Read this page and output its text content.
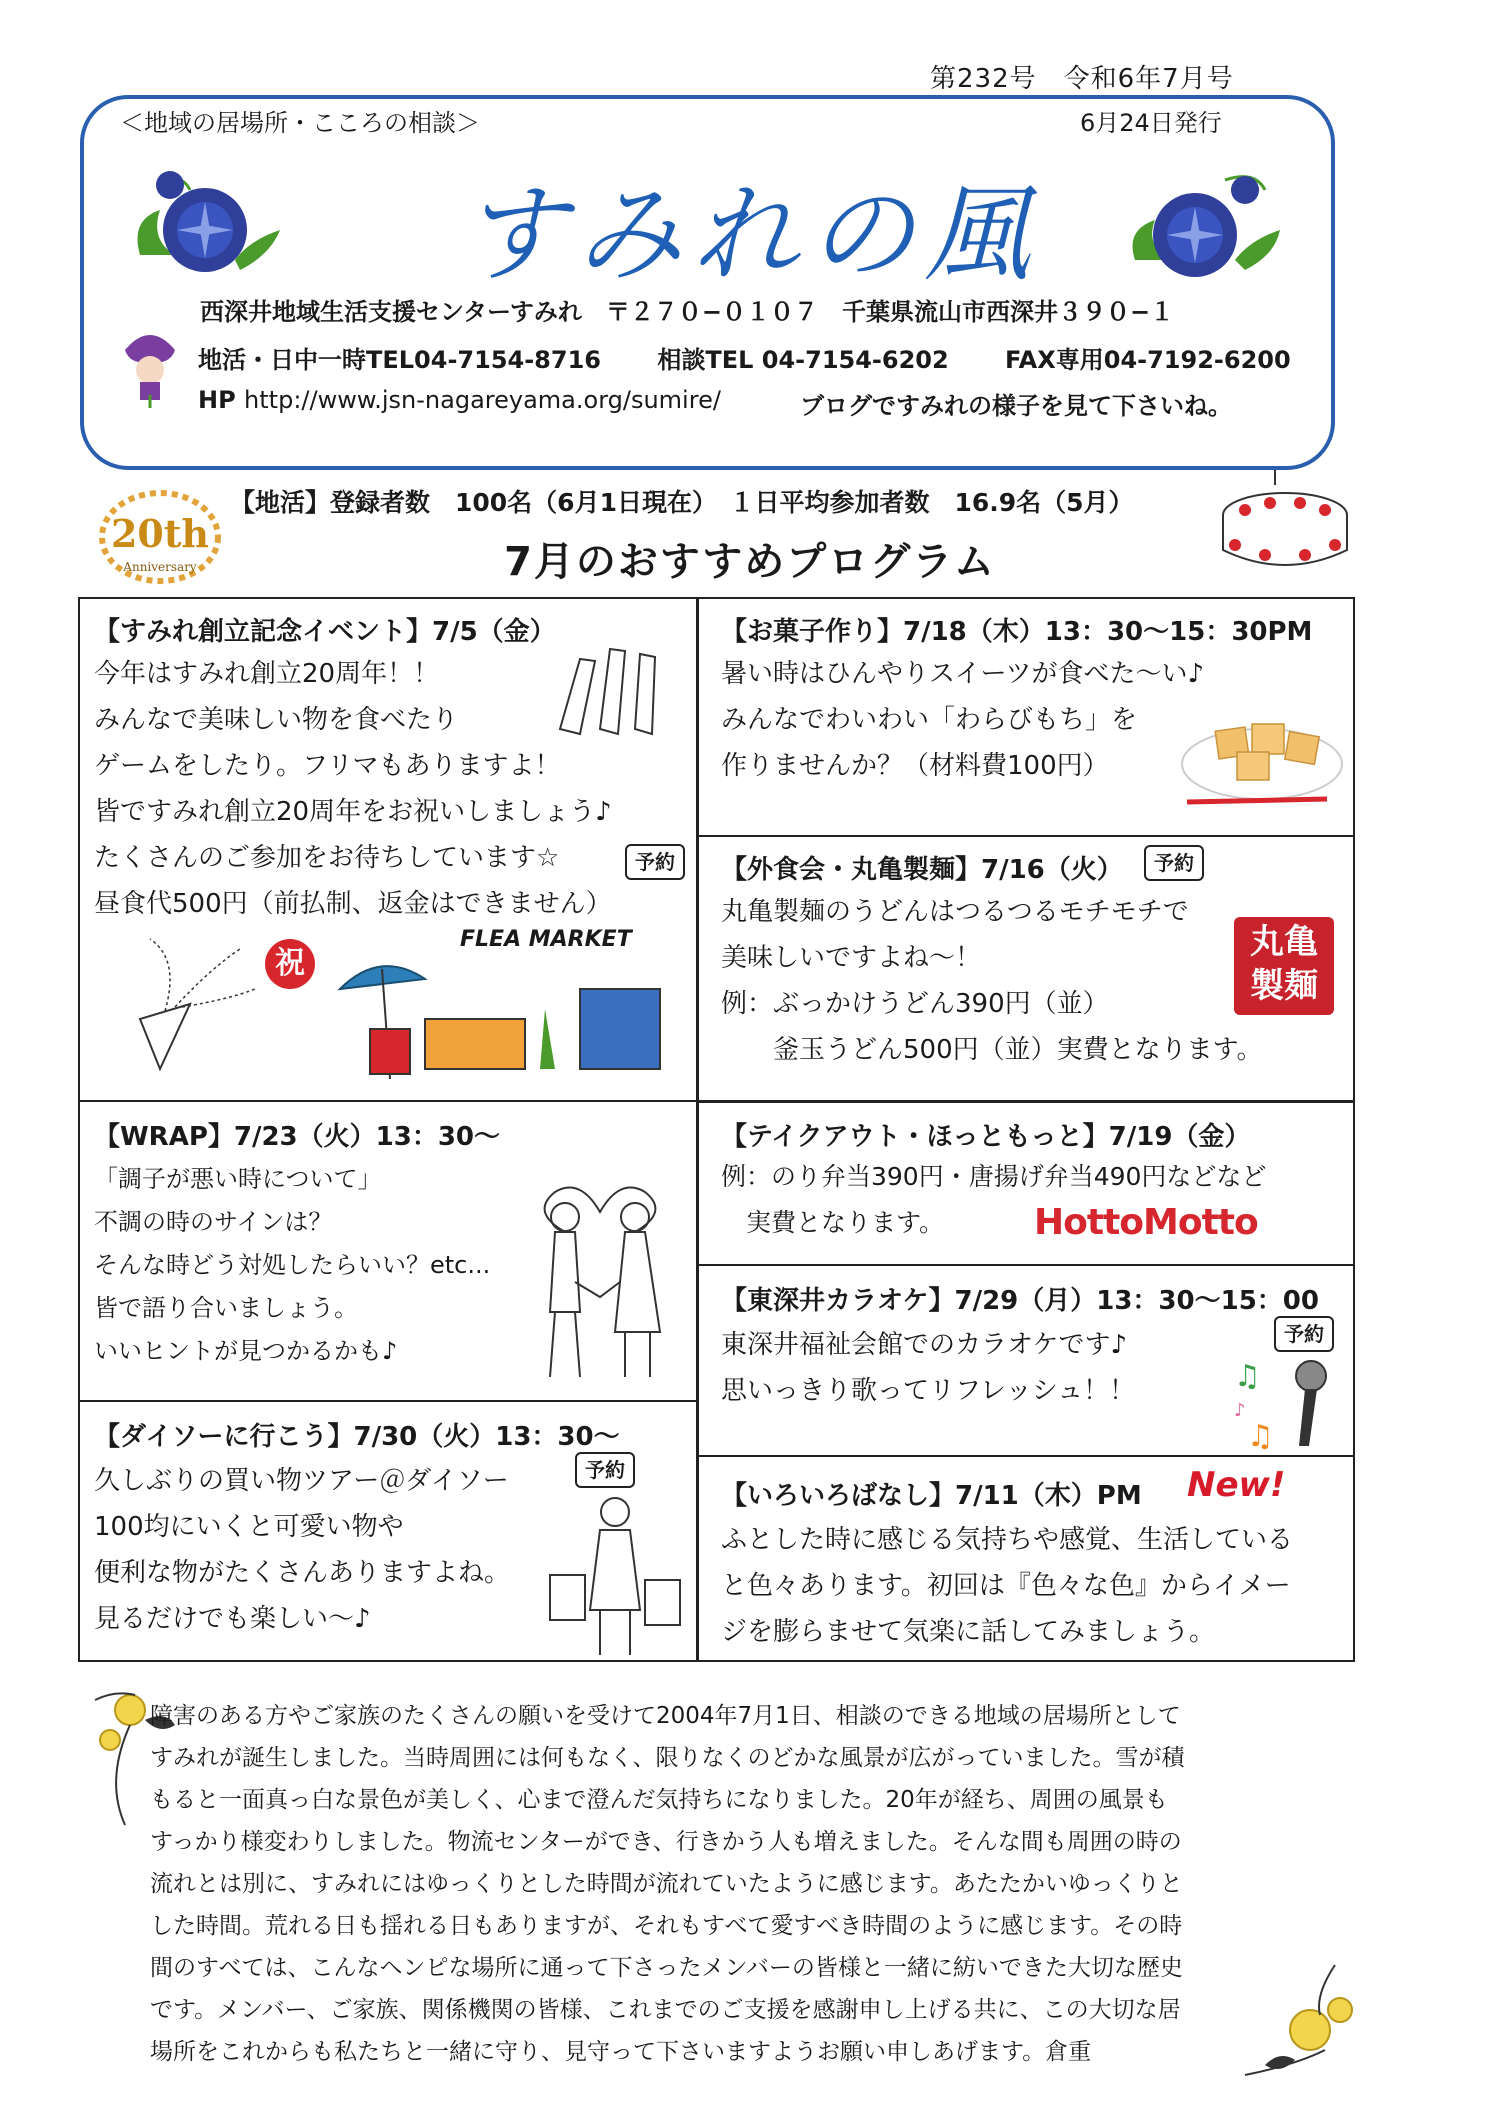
第232号　令和6年7月号
＜地域の居場所・こころの相談＞	6月24日発行
すみれの風
西深井地域生活支援センターすみれ　〒２７０−０１０７　千葉県流山市西深井３９０−１
地活・日中一時TEL04-7154-8716　　 相談TEL 04-7154-6202　　 FAX専用04-7192-6200
HP http://www.jsn-nagareyama.org/sumire/	ブログですみれの様子を見て下さいね。
20th
Anniversary
【地活】登録者数　100名（6月1日現在）　１日平均参加者数　16.9名（5月）
7月のおすすめプログラム
【すみれ創立記念イベント】7/5（金）

今年はすみれ創立20周年！！

みんなで美味しい物を食べたり

ゲームをしたり。フリマもありますよ！

皆ですみれ創立20周年をお祝いしましょう♪

たくさんのご参加をお待ちしています☆

昼食代500円（前払制、返金はできません）

予約
祝
FLEA MARKET
【お菓子作り】7/18（木）13：30〜15：30PM

暑い時はひんやりスイーツが食べた〜い♪

みんなでわいわい「わらびもち」を

作りませんか？（材料費100円）

【外食会・丸亀製麺】7/16（火）	予約

丸亀製麺のうどんはつるつるモチモチで

美味しいですよね〜！

例：ぶっかけうどん390円（並）

　　釜玉うどん500円（並）実費となります。

丸亀
製麺
【WRAP】7/23（火）13：30〜

「調子が悪い時について」

不調の時のサインは？

そんな時どう対処したらいい？etc...

皆で語り合いましょう。

いいヒントが見つかるかも♪

【テイクアウト・ほっともっと】7/19（金）

例：のり弁当390円・唐揚げ弁当490円などなど

　実費となります。	HottoMotto
【東深井カラオケ】7/29（月）13：30〜15：00
予約

東深井福祉会館でのカラオケです♪

思いっきり歌ってリフレッシュ！！	♫
♫
♪
【ダイソーに行こう】7/30（火）13：30〜
予約

久しぶりの買い物ツアー＠ダイソー

100均にいくと可愛い物や

便利な物がたくさんありますよね。

見るだけでも楽しい〜♪

【いろいろばなし】7/11（木）PM New!

ふとした時に感じる気持ちや感覚、生活している

と色々あります。初回は『色々な色』からイメー

ジを膨らませて気楽に話してみましょう。

障害のある方やご家族のたくさんの願いを受けて2004年7月1日、相談のできる地域の居場所として

すみれが誕生しました。当時周囲には何もなく、限りなくのどかな風景が広がっていました。雪が積

もると一面真っ白な景色が美しく、心まで澄んだ気持ちになりました。20年が経ち、周囲の風景も

すっかり様変わりしました。物流センターができ、行きかう人も増えました。そんな間も周囲の時の

流れとは別に、すみれにはゆっくりとした時間が流れていたように感じます。あたたかいゆっくりと

した時間。荒れる日も揺れる日もありますが、それもすべて愛すべき時間のように感じます。その時

間のすべては、こんなヘンピな場所に通って下さったメンバーの皆様と一緒に紡いできた大切な歴史

です。メンバー、ご家族、関係機関の皆様、これまでのご支援を感謝申し上げる共に、この大切な居

場所をこれからも私たちと一緒に守り、見守って下さいますようお願い申しあげます。倉重
